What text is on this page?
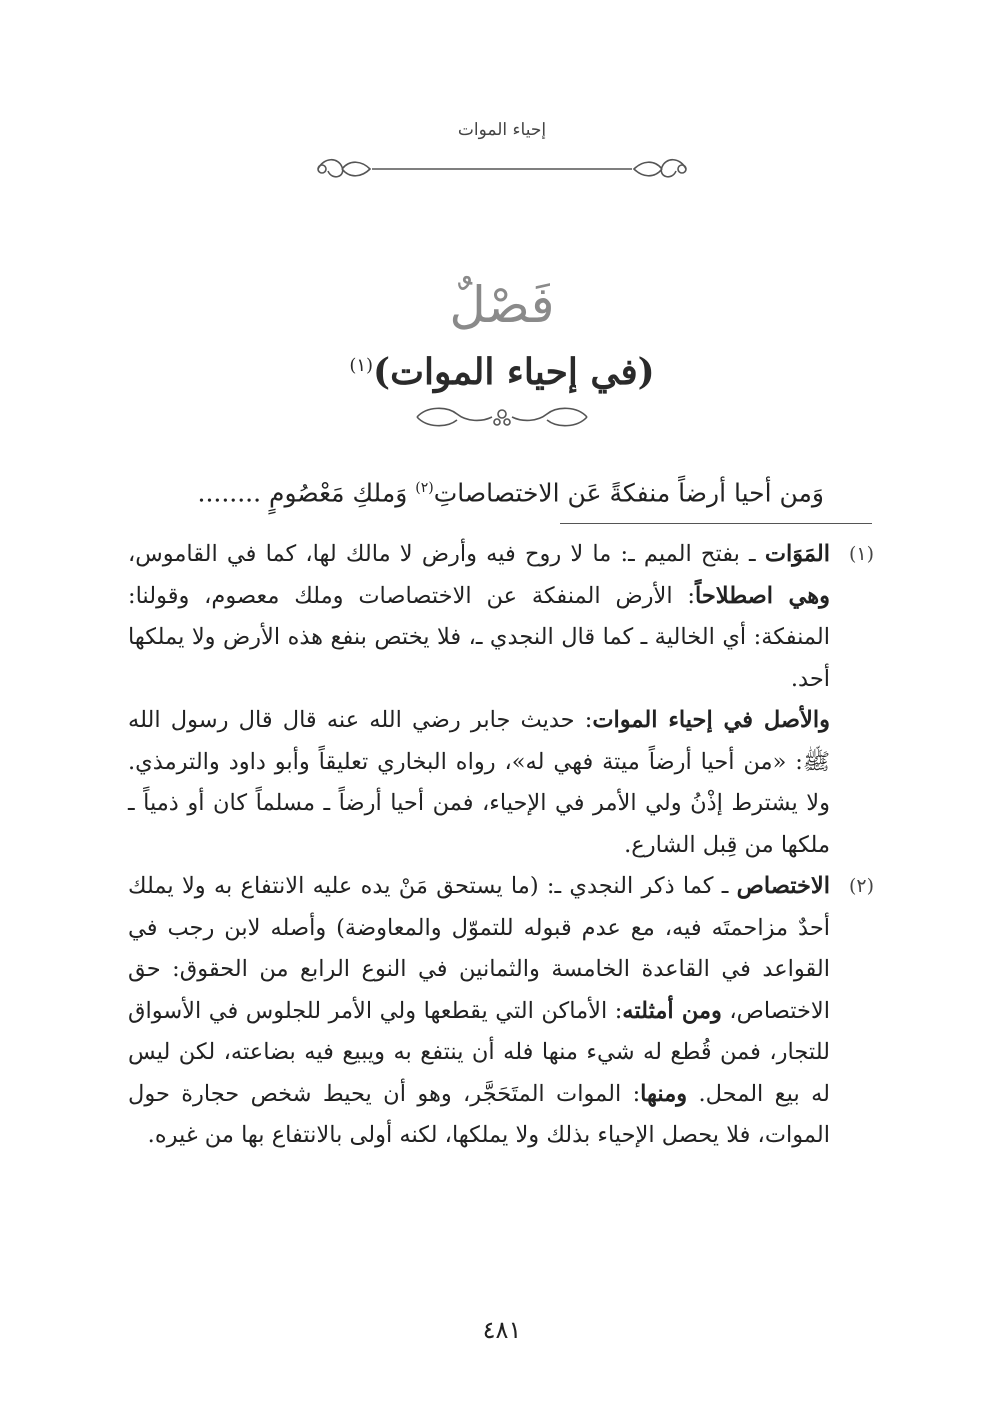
إحياء الموات
فَصْلٌ
(في إحياء الموات)$^{(١)}$
وَمن أحيا أرضاً منفكةً عَن الاختصاصاتِ$^{(٢)}$ وَملكِ مَعْصُومٍ ........
(١)

المَوَات ـ بفتح الميم ـ: ما لا روح فيه وأرض لا مالك لها، كما في القاموس، وهي اصطلاحاً: الأرض المنفكة عن الاختصاصات وملك معصوم، وقولنا: المنفكة: أي الخالية ـ كما قال النجدي ـ، فلا يختص بنفع هذه الأرض ولا يملكها أحد.

والأصل في إحياء الموات: حديث جابر رضي الله عنه قال قال رسول الله ﷺ: «من أحيا أرضاً ميتة فهي له»، رواه البخاري تعليقاً وأبو داود والترمذي. ولا يشترط إذْنُ ولي الأمر في الإحياء، فمن أحيا أرضاً ـ مسلماً كان أو ذمياً ـ ملكها من قِبل الشارع.

(٢)

الاختصاص ـ كما ذكر النجدي ـ: (ما يستحق مَنْ يده عليه الانتفاع به ولا يملك أحدٌ مزاحمتَه فيه، مع عدم قبوله للتموّل والمعاوضة) وأصله لابن رجب في القواعد في القاعدة الخامسة والثمانين في النوع الرابع من الحقوق: حق الاختصاص، ومن أمثلته: الأماكن التي يقطعها ولي الأمر للجلوس في الأسواق للتجار، فمن قُطع له شيء منها فله أن ينتفع به ويبيع فيه بضاعته، لكن ليس له بيع المحل. ومنها: الموات المتَحَجَّر، وهو أن يحيط شخص حجارة حول الموات، فلا يحصل الإحياء بذلك ولا يملكها، لكنه أولى بالانتفاع بها من غيره.

٤٨١
